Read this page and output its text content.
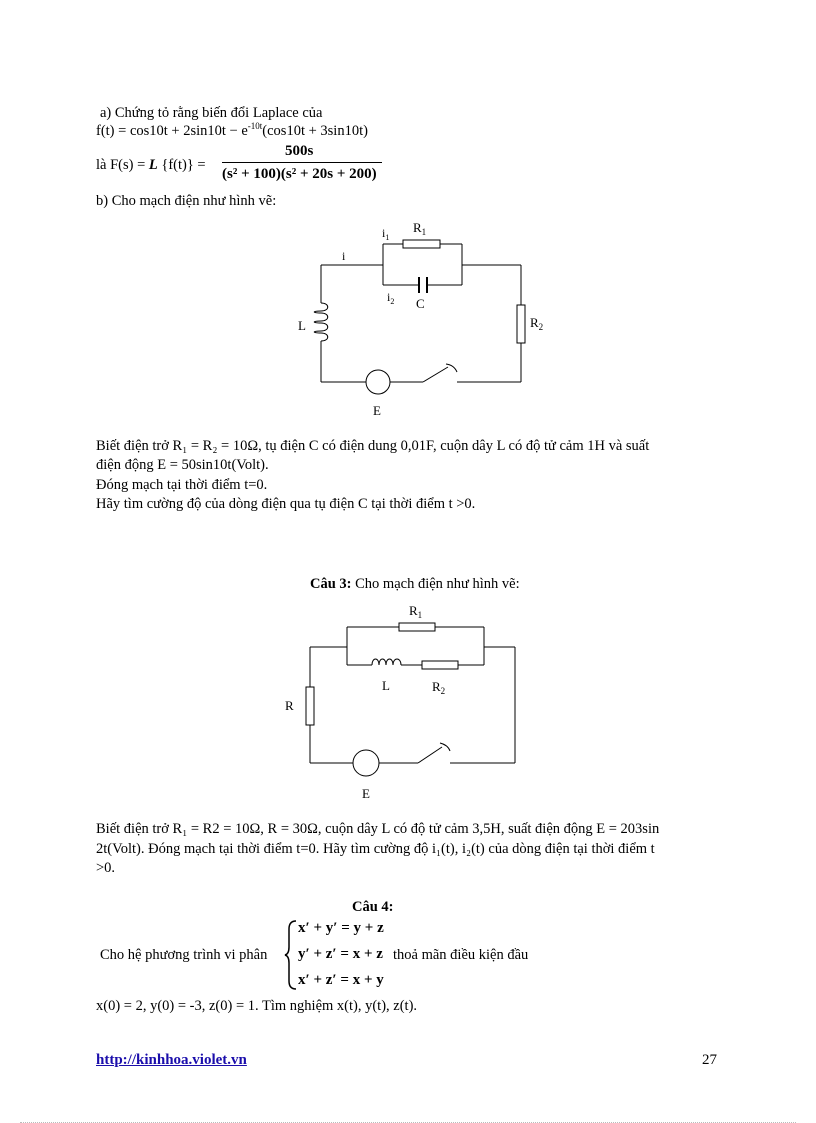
a) Chứng tỏ rằng biến đổi Laplace của
$f(t) = \cos 10t + 2\sin 10t - e^{-10t}(\cos 10t + 3\sin 10t)$
là F(s) = L {f(t)} =
500s
(s² + 100)(s² + 20s + 200)
b) Cho mạch điện như hình vẽ:
$i_1$
$R_1$
i
$i_2$ C
L	$R_2$
E
Biết điện trở R₁ = R₂ = 10Ω, tụ điện C có điện dung 0,01F, cuộn dây L có độ tử cảm 1H và suất
điện động E = 50sin10t(Volt).
Đóng mạch tại thời điểm t=0.
Hãy tìm cường độ của dòng điện qua tụ điện C tại thời điểm t >0.
Câu 3: Cho mạch điện như hình vẽ:
$R_1$
L	$R_2$
R
E
Biết điện trở R₁ = R2 = 10Ω, R = 30Ω, cuộn dây L có độ tử cảm 3,5H, suất điện động E = 203sin
2t(Volt). Đóng mạch tại thời điểm t=0. Hãy tìm cường độ i₁(t), i₂(t) của dòng điện tại thời điểm t
>0.
Câu 4:
Cho hệ phương trình vi phân
x′ + y′ = y + z
y′ + z′ = x + z
x′ + z′ = x + y
thoả mãn điều kiện đầu
x(0) = 2, y(0) = -3, z(0) = 1. Tìm nghiệm x(t), y(t), z(t).
http://kinhhoa.violet.vn	27
